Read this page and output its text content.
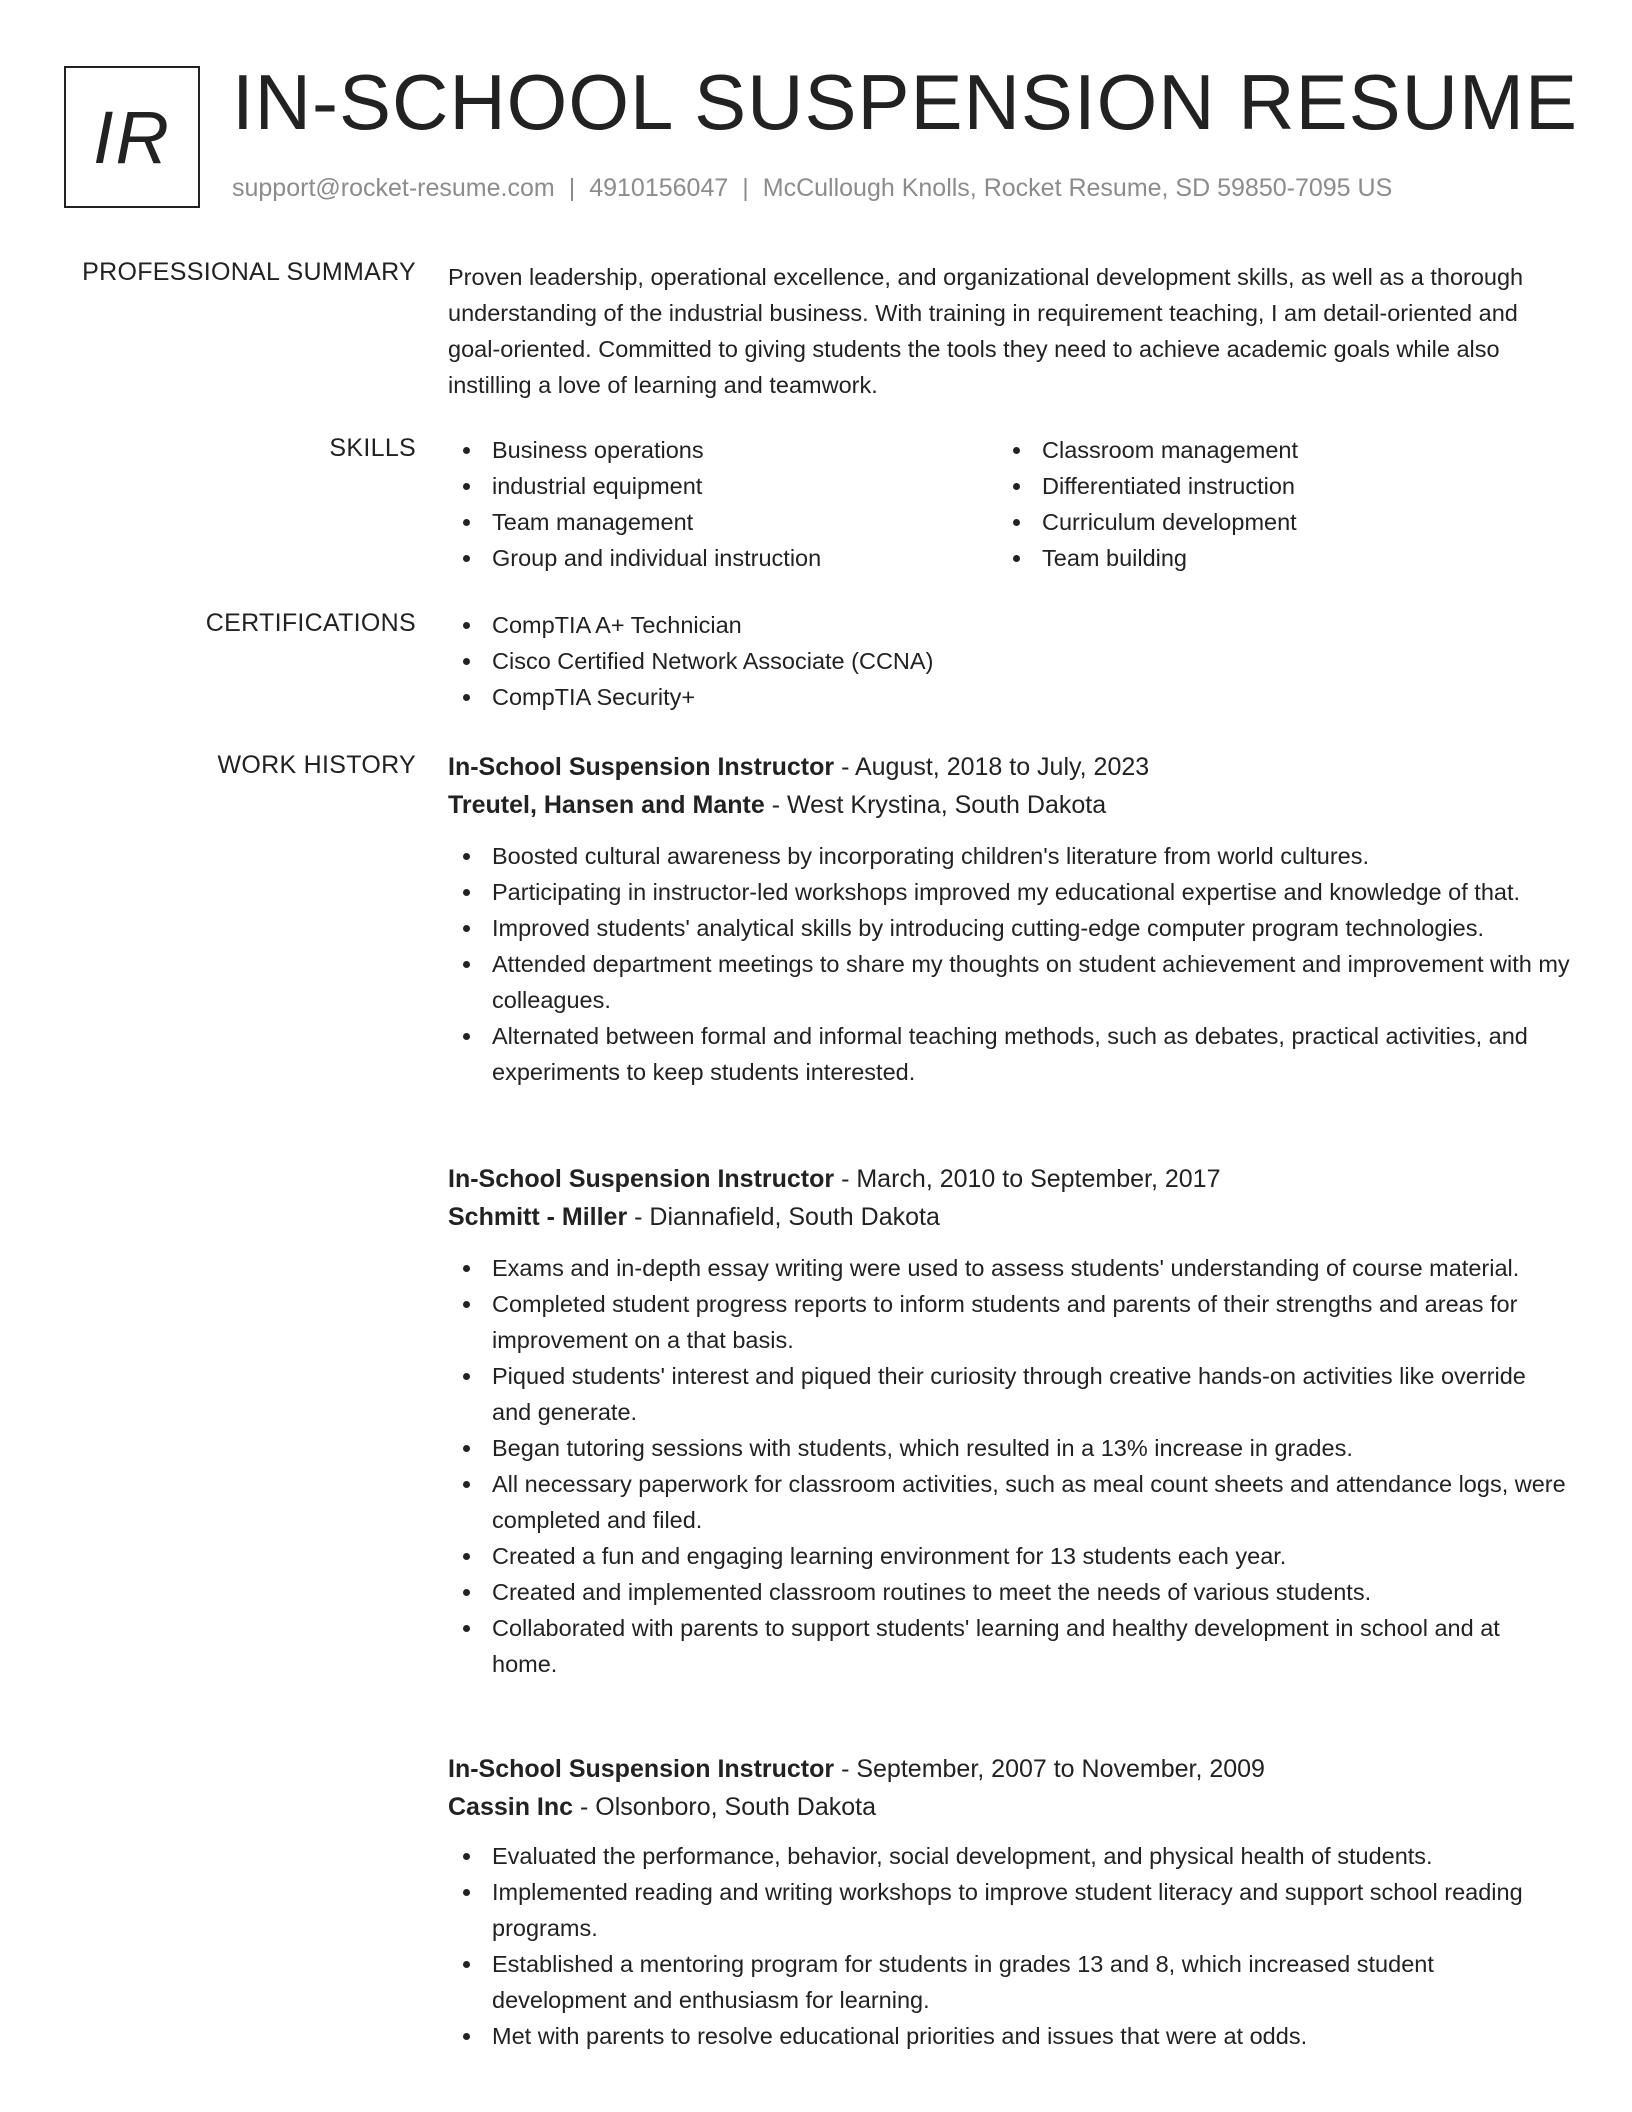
IR IN-SCHOOL SUSPENSION RESUME
support@rocket-resume.com | 4910156047 | McCullough Knolls, Rocket Resume, SD 59850-7095 US
PROFESSIONAL SUMMARY Proven leadership, operational excellence, and organizational development skills, as well as a thorough understanding of the industrial business. With training in requirement teaching, I am detail-oriented and goal-oriented. Committed to giving students the tools they need to achieve academic goals while also instilling a love of learning and teamwork.
SKILLS	Business operations
industrial equipment
Team management
Group and individual instruction
Classroom management
Differentiated instruction
Curriculum development
Team building
CERTIFICATIONS	CompTIA A+ Technician
Cisco Certified Network Associate (CCNA)
CompTIA Security+
WORK HISTORY In-School Suspension Instructor - August, 2018 to July, 2023
Treutel, Hansen and Mante - West Krystina, South Dakota
Boosted cultural awareness by incorporating children's literature from world cultures.
Participating in instructor-led workshops improved my educational expertise and knowledge of that.
Improved students' analytical skills by introducing cutting-edge computer program technologies.
Attended department meetings to share my thoughts on student achievement and improvement with my colleagues.
Alternated between formal and informal teaching methods, such as debates, practical activities, and experiments to keep students interested.
In-School Suspension Instructor - March, 2010 to September, 2017
Schmitt - Miller - Diannafield, South Dakota
Exams and in-depth essay writing were used to assess students' understanding of course material.
Completed student progress reports to inform students and parents of their strengths and areas for improvement on a that basis.
Piqued students' interest and piqued their curiosity through creative hands-on activities like override and generate.
Began tutoring sessions with students, which resulted in a 13% increase in grades.
All necessary paperwork for classroom activities, such as meal count sheets and attendance logs, were completed and filed.
Created a fun and engaging learning environment for 13 students each year.
Created and implemented classroom routines to meet the needs of various students.
Collaborated with parents to support students' learning and healthy development in school and at home.
In-School Suspension Instructor - September, 2007 to November, 2009
Cassin Inc - Olsonboro, South Dakota
Evaluated the performance, behavior, social development, and physical health of students.
Implemented reading and writing workshops to improve student literacy and support school reading programs.
Established a mentoring program for students in grades 13 and 8, which increased student development and enthusiasm for learning.
Met with parents to resolve educational priorities and issues that were at odds.
